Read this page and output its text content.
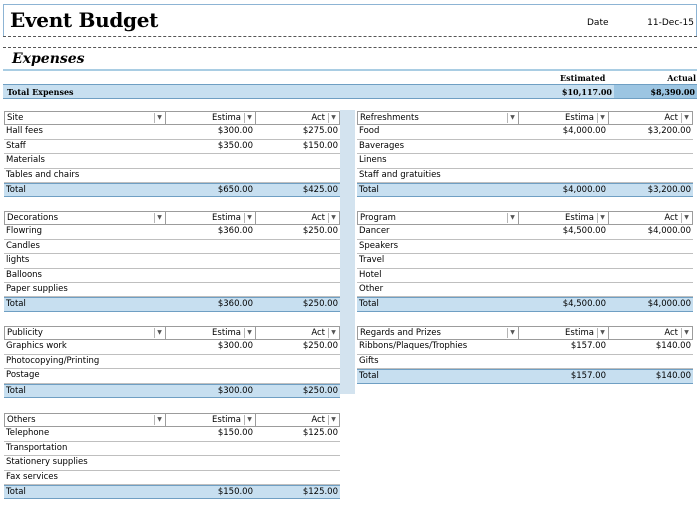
Event Budget	Date	11-Dec-15
Expenses
Estimated	Actual
Total Expenses	$10,117.00	$8,390.00
Site	▼	Estima	▼	Act	▼
Hall fees	$300.00	$275.00
Staff	$350.00	$150.00
Materials
Tables and chairs
Total	$650.00	$425.00
Refreshments	▼	Estima	▼	Act	▼
Food	$4,000.00	$3,200.00
Baverages
Linens
Staff and gratuities
Total	$4,000.00	$3,200.00
Decorations	▼	Estima	▼	Act	▼
Flowring	$360.00	$250.00
Candles
lights
Balloons
Paper supplies
Total	$360.00	$250.00
Program	▼	Estima	▼	Act	▼
Dancer	$4,500.00	$4,000.00
Speakers
Travel
Hotel
Other
Total	$4,500.00	$4,000.00
Publicity	▼	Estima	▼	Act	▼
Graphics work	$300.00	$250.00
Photocopying/Printing
Postage
Total	$300.00	$250.00
Regards and Prizes	▼	Estima	▼	Act	▼
Ribbons/Plaques/Trophies	$157.00	$140.00
Gifts
Total	$157.00	$140.00
Others	▼	Estima	▼	Act	▼
Telephone	$150.00	$125.00
Transportation
Stationery supplies
Fax services
Total	$150.00	$125.00
